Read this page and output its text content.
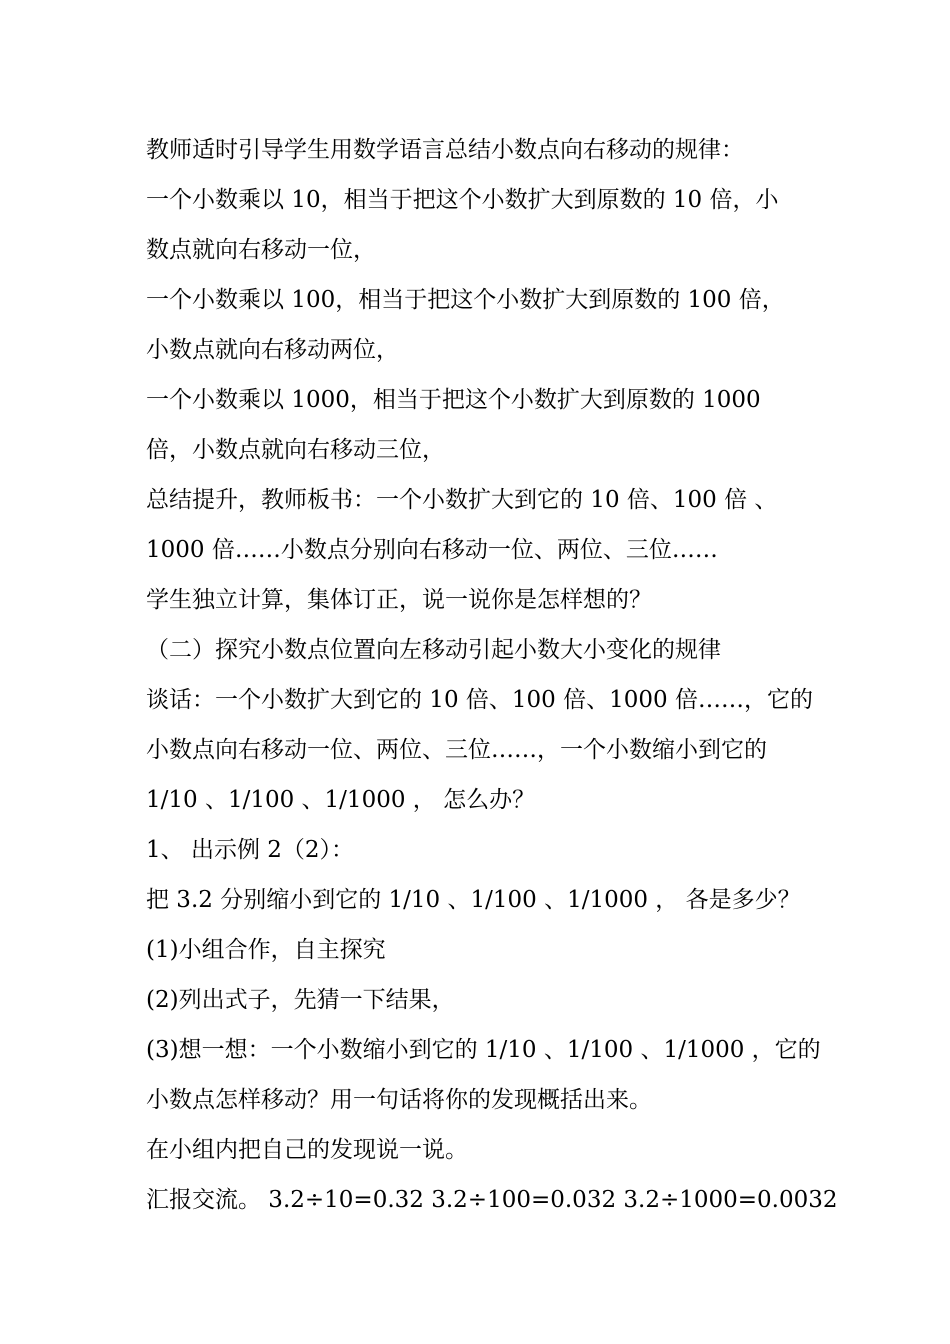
教师适时引导学生用数学语言总结小数点向右移动的规律：
一个小数乘以 10，相当于把这个小数扩大到原数的 10 倍，小
数点就向右移动一位，
一个小数乘以 100，相当于把这个小数扩大到原数的 100 倍，
小数点就向右移动两位，
一个小数乘以 1000，相当于把这个小数扩大到原数的 1000
倍，小数点就向右移动三位，
总结提升，教师板书：一个小数扩大到它的 10 倍、100 倍 、
1000 倍……小数点分别向右移动一位、两位、三位……
学生独立计算，集体订正，说一说你是怎样想的？
（二）探究小数点位置向左移动引起小数大小变化的规律
谈话：一个小数扩大到它的 10 倍、100 倍、1000 倍……，它的
小数点向右移动一位、两位、三位……，一个小数缩小到它的
1/10 、1/100 、1/1000 ， 怎么办？
1、 出示例 2（2）：
把 3.2 分别缩小到它的 1/10 、1/100 、1/1000 ， 各是多少？
(1)小组合作，自主探究
(2)列出式子，先猜一下结果，
(3)想一想：一个小数缩小到它的 1/10 、1/100 、1/1000 ，它的
小数点怎样移动？用一句话将你的发现概括出来。
在小组内把自己的发现说一说。
汇报交流。 3.2÷10=0.32 3.2÷100=0.032 3.2÷1000=0.0032
